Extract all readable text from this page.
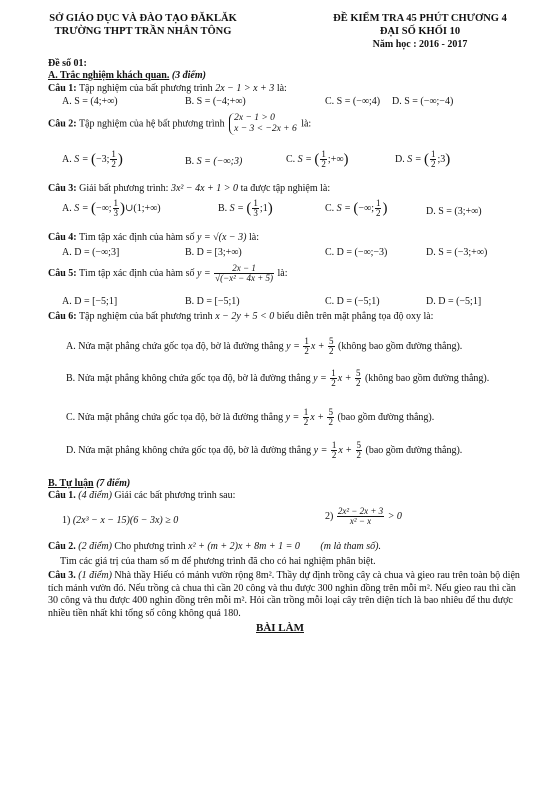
SỞ GIÁO DỤC VÀ ĐÀO TẠO ĐĂKLĂK
TRƯỜNG THPT TRẦN NHÂN TÔNG
ĐỀ KIỂM TRA 45 PHÚT CHƯƠNG 4
ĐẠI SỐ KHỐI 10
Năm học : 2016 - 2017
Đề số 01:
A. Trắc nghiệm khách quan. (3 điểm)
Câu 1: Tập nghiệm của bất phương trình 2x − 1 > x + 3 là:
A. S = (4;+∞)	B. S = (−4;+∞)	C. S = (−∞;4) D. S = (−∞;−4)
Câu 2: Tập nghiệm của hệ bất phương trình
2x − 1 > 0
x − 3 < −2x + 6 là:
A. S = (−3; $\frac{1}{2}$ )	B. S = (−∞;3)	C. S = ( $\frac{1}{2}$ ;+∞)	D. S = ( $\frac{1}{2}$ ;3)
Câu 3: Giải bất phương trình: 3x² − 4x + 1 > 0 ta được tập nghiệm là:
A. S = (−∞; $\frac{1}{3}$ )∪(1;+∞)	B. S = ( $\frac{1}{3}$ ;1)	C. S = (−∞; $\frac{1}{2}$ )	D. S = (3;+∞)
Câu 4: Tìm tập xác định của hàm số y = √(x − 3) là:
A. D = (−∞;3]	B. D = [3;+∞)	C. D = (−∞;−3)	D. S = (−3;+∞)
Câu 5: Tìm tập xác định của hàm số $y = \frac{2x - 1}{\text{√(−x² − 4x + 5)}}$ là:
A. D = [−5;1]	B. D = [−5;1)	C. D = (−5;1)	D. D = (−5;1]
Câu 6: Tập nghiệm của bất phương trình x − 2y + 5 < 0 biểu diễn trên mặt phẳng tọa độ oxy là:
A. Nửa mặt phẳng chứa gốc tọa độ, bờ là đường thẳng $y = \frac{1}{2}$ $x + \frac{5}{2}$ (không bao gồm đường thẳng).
B. Nửa mặt phẳng không chứa gốc tọa độ, bờ là đường thẳng $y = \frac{1}{2}$ $x + \frac{5}{2}$ (không bao gồm đường thẳng).
C. Nửa mặt phẳng chứa gốc tọa độ, bờ là đường thẳng $y = \frac{1}{2}$ $x + \frac{5}{2} (bao$ gồm đường thẳng).
D. Nửa mặt phẳng không chứa gốc tọa độ, bờ là đường thẳng $y = \frac{1}{2}$ $x + \frac{5}{2} (bao$ gồm đường thẳng).
B. Tự luận (7 điểm)
Câu 1. (4 điểm) Giải các bất phương trình sau:
1) (2x³ − x − 15)(6 − 3x) ≥ 0	$2) \frac{\text{2x² − 2x + 3}}{\text{x² − x}} > 0$
Câu 2. (2 điểm) Cho phương trình x² + (m + 2)x + 8m + 1 = 0 (m là tham số).
Tìm các giá trị của tham số m để phương trình đã cho có hai nghiệm phân biệt.
Câu 3. (1 điểm) Nhà thầy Hiếu có mảnh vườn rộng 8m². Thầy dự định trồng cây cà chua và gieo rau trên toàn bộ diện tích mảnh vườn đó. Nếu trồng cà chua thì cần 20 công và thu được 300 nghìn đồng trên mỗi m². Nếu gieo rau thì cần 30 công và thu được 400 nghìn đồng trên mỗi m². Hỏi cần trồng mỗi loại cây trên diện tích là bao nhiêu để thu được nhiều tiền nhất khi tổng số công không quá 180.
BÀI LÀM
